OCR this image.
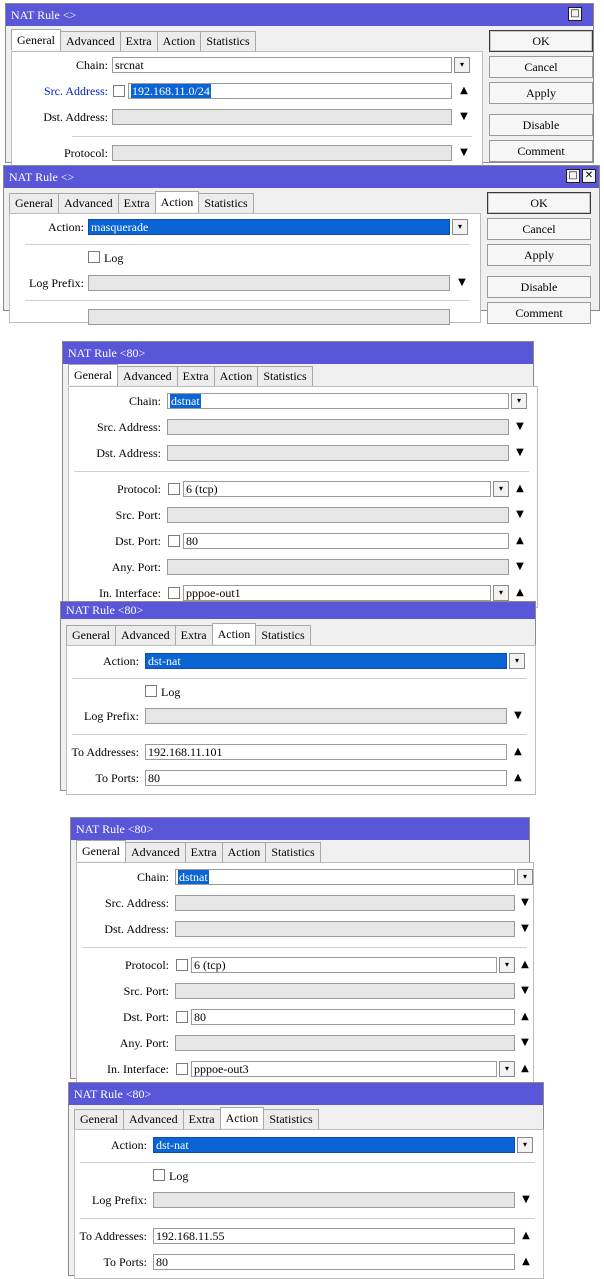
NAT Rule <>	□
General Advanced Extra Action Statistics
Chain: srcnat	▾
Src. Address:	192.168.11.0/24	▲
Dst. Address:	▼
Protocol:	▼
OK
Cancel
Apply
Disable
Comment
NAT Rule <>	□ ✕
General Advanced Extra Action Statistics
Action: masquerade	▾
Log
Log Prefix:	▼
OK
Cancel
Apply
Disable
Comment
NAT Rule <80>
General Advanced Extra Action Statistics
Chain: dstnat	▾
Src. Address:	▼
Dst. Address:	▼
Protocol: 6 (tcp)	▾	▲
Src. Port:	▼
Dst. Port: 80	▲
Any. Port:	▼
In. Interface: pppoe-out1	▾	▲
NAT Rule <80>
General Advanced Extra Action Statistics
Action: dst-nat	▾
Log
Log Prefix:	▼
To Addresses: 192.168.11.101	▲
To Ports: 80	▲
NAT Rule <80>
General Advanced Extra Action Statistics
Chain: dstnat	▾
Src. Address:	▼
Dst. Address:	▼
Protocol: 6 (tcp)	▾	▲
Src. Port:	▼
Dst. Port: 80	▲
Any. Port:	▼
In. Interface: pppoe-out3	▾	▲
NAT Rule <80>
General Advanced Extra Action Statistics
Action: dst-nat	▾
Log
Log Prefix:	▼
To Addresses: 192.168.11.55	▲
To Ports: 80	▲
